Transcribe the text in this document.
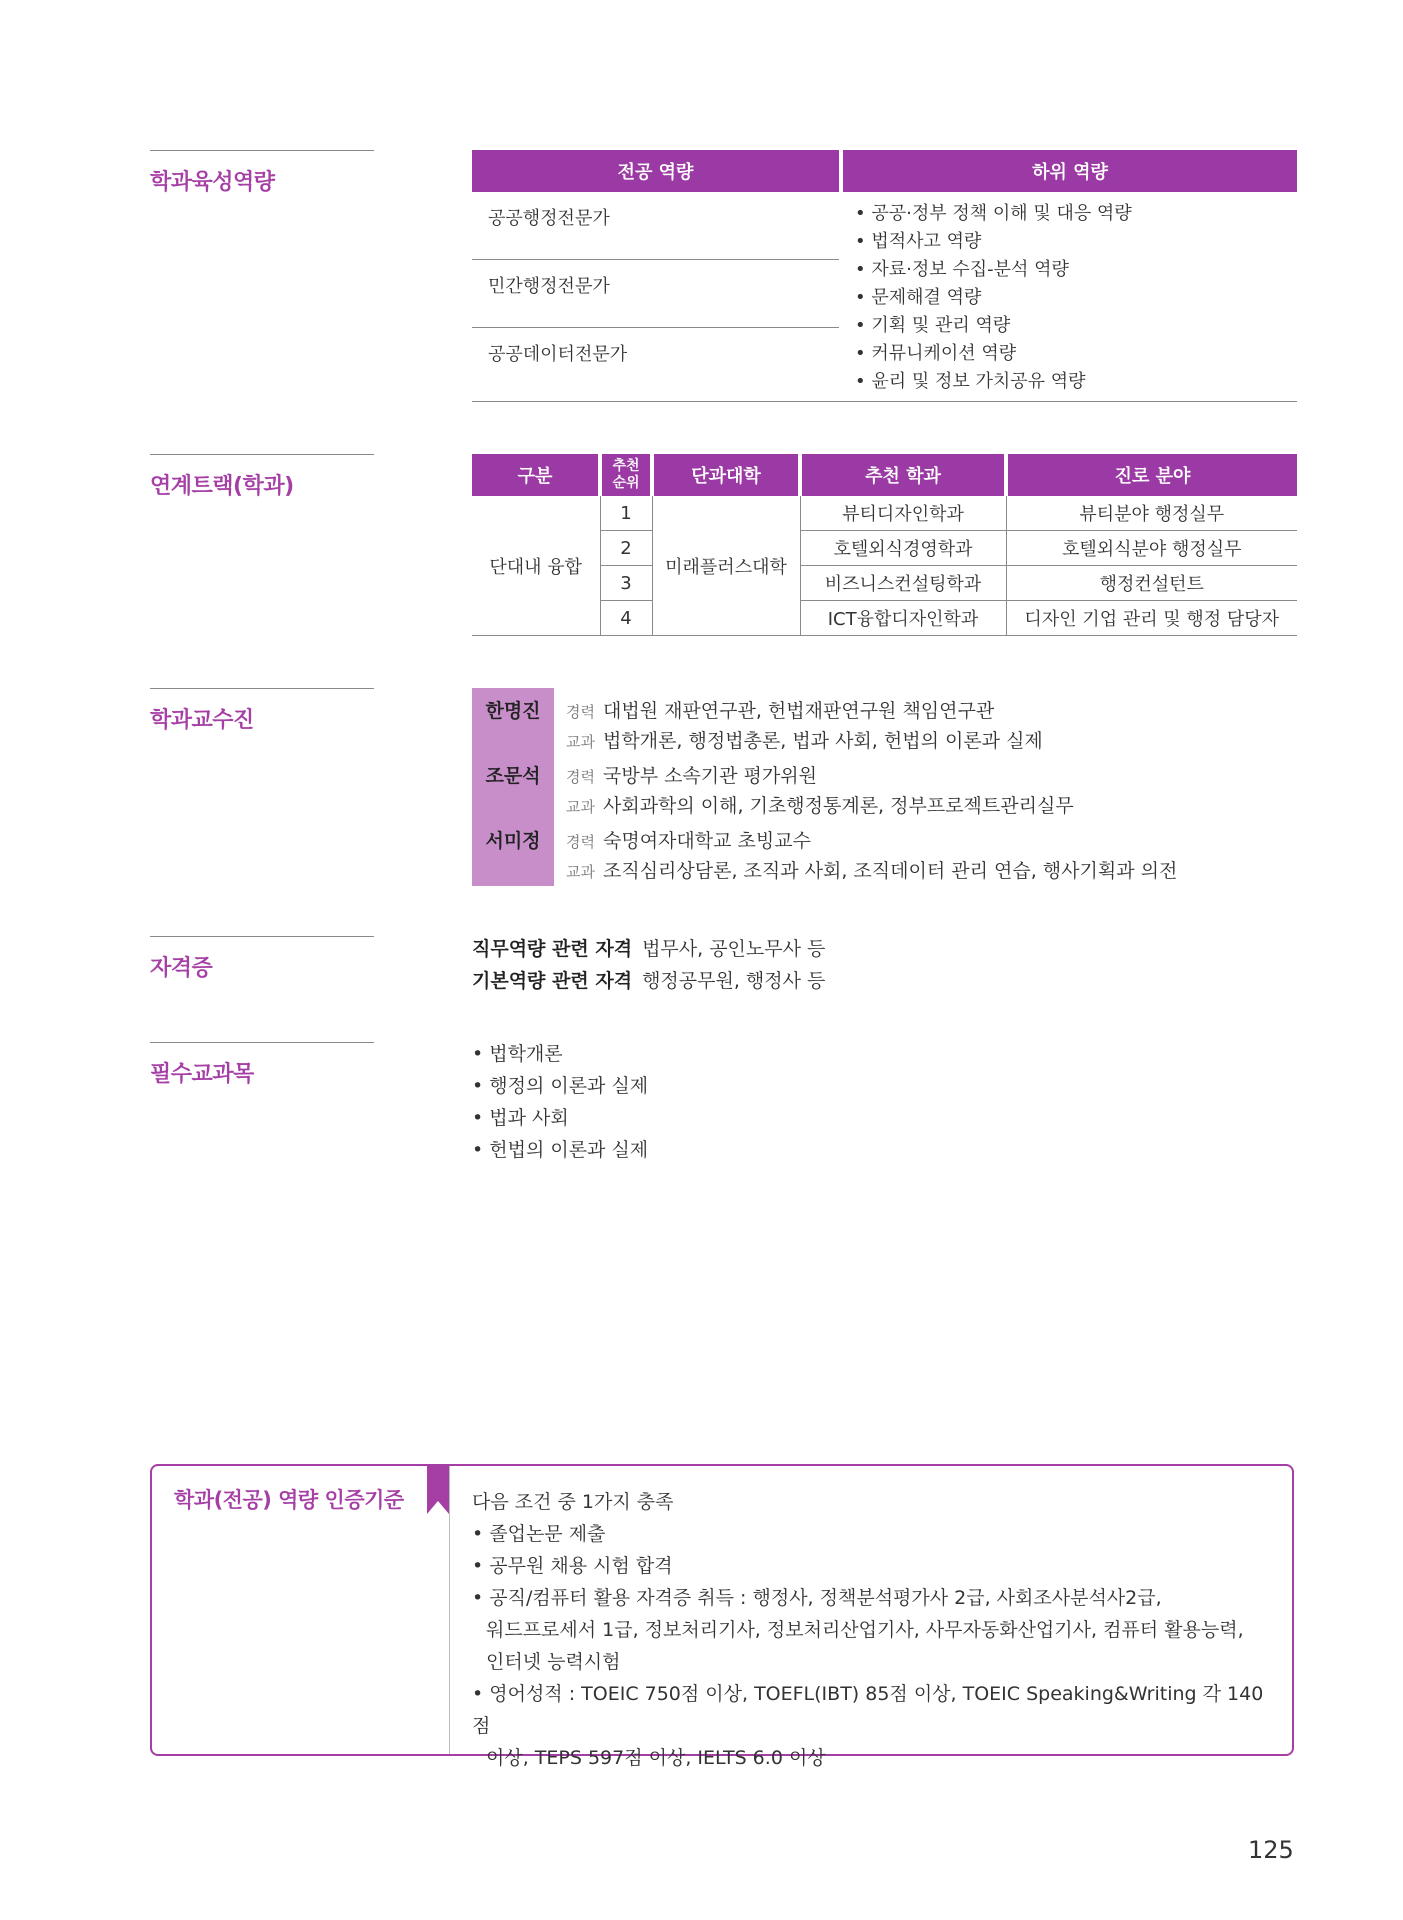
학과육성역량
연계트랙(학과)
학과교수진
자격증
필수교과목
전공 역량	하위 역량
공공행정전문가
민간행정전문가
공공데이터전문가
• 공공·정부 정책 이해 및 대응 역량
• 법적사고 역량
• 자료·정보 수집-분석 역량
• 문제해결 역량
• 기획 및 관리 역량
• 커뮤니케이션 역량
• 윤리 및 정보 가치공유 역량
구분	추천 순위	단과대학	추천 학과	진로 분야
단대내 융합	1	미래플러스대학	뷰티디자인학과	뷰티분야 행정실무
	2		호텔외식경영학과	호텔외식분야 행정실무
	3		비즈니스컨설팅학과	행정컨설턴트
	4		ICT융합디자인학과	디자인 기업 관리 및 행정 담당자
한명진	경력 대법원 재판연구관, 헌법재판연구원 책임연구관
교과 법학개론, 행정법총론, 법과 사회, 헌법의 이론과 실제
조문석	경력 국방부 소속기관 평가위원
교과 사회과학의 이해, 기초행정통계론, 정부프로젝트관리실무
서미정	경력 숙명여자대학교 초빙교수
교과 조직심리상담론, 조직과 사회, 조직데이터 관리 연습, 행사기획과 의전
직무역량 관련 자격 법무사, 공인노무사 등
기본역량 관련 자격 행정공무원, 행정사 등
• 법학개론
• 행정의 이론과 실제
• 법과 사회
• 헌법의 이론과 실제
학과(전공) 역량 인증기준	다음 조건 중 1가지 충족
• 졸업논문 제출
• 공무원 채용 시험 합격
• 공직/컴퓨터 활용 자격증 취득 : 행정사, 정책분석평가사 2급, 사회조사분석사2급,
워드프로세서 1급, 정보처리기사, 정보처리산업기사, 사무자동화산업기사, 컴퓨터 활용능력,
인터넷 능력시험
• 영어성적 : TOEIC 750점 이상, TOEFL(IBT) 85점 이상, TOEIC Speaking&Writing 각 140점
이상, TEPS 597점 이상, IELTS 6.0 이상
125
